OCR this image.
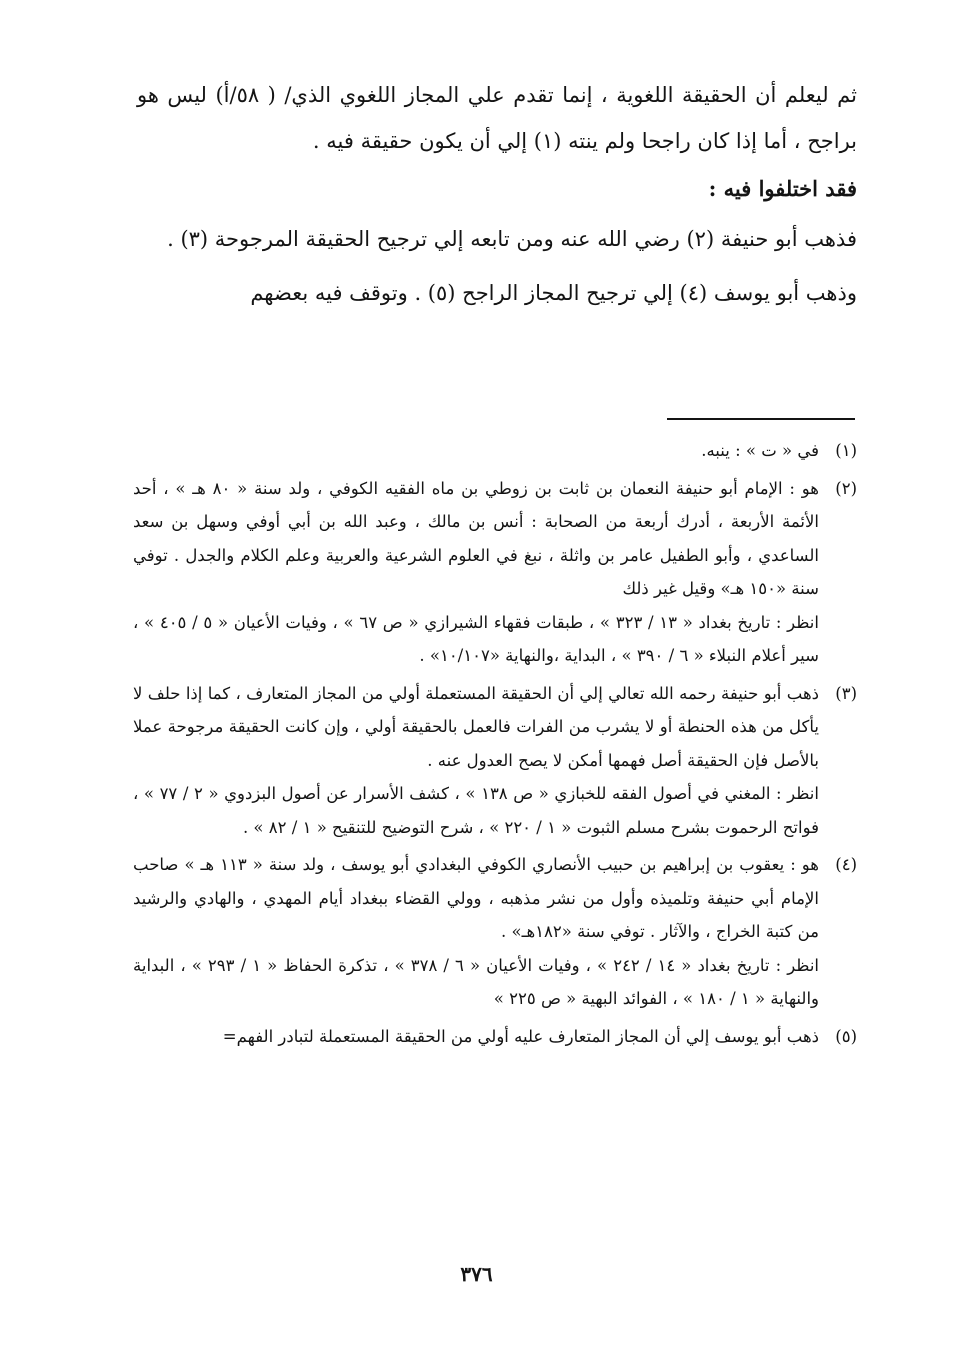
ثم ليعلم أن الحقيقة اللغوية ، إنما تقدم علي المجاز اللغوي الذي/ ( ٥٨/أ) ليس هو براجح ، أما إذا كان راجحا ولم ينته (١) إلي أن يكون حقيقة فيه .

فقد اختلفوا فيه :

فذهب أبو حنيفة (٢) رضي الله عنه ومن تابعه إلي ترجيح الحقيقة المرجوحة (٣) .

وذهب أبو يوسف (٤) إلي ترجيح المجاز الراجح (٥) . وتوقف فيه بعضهم

(١)

في « ت » : ينبه.

(٢)

هو : الإمام أبو حنيفة النعمان بن ثابت بن زوطي بن ماه الفقيه الكوفي ، ولد سنة « ٨٠ هـ » ، أحد الأئمة الأربعة ، أدرك أربعة من الصحابة : أنس بن مالك ، وعبد الله بن أبي أوفي وسهل بن سعد الساعدي ، وأبو الطفيل عامر بن واثلة ، نبغ في العلوم الشرعية والعربية وعلم الكلام والجدل . توفي سنة «١٥٠ هـ» وقيل غير ذلك

انظر : تاريخ بغداد « ١٣ / ٣٢٣ » ، طبقات فقهاء الشيرازي « ص ٦٧ » ، وفيات الأعيان « ٥ / ٤٠٥ » ، سير أعلام النبلاء « ٦ / ٣٩٠ » ، البداية ،والنهاية «١٠/١٠٧» .

(٣)

ذهب أبو حنيفة رحمه الله تعالي إلي أن الحقيقة المستعملة أولي من المجاز المتعارف ، كما إذا حلف لا يأكل من هذه الحنطة أو لا يشرب من الفرات فالعمل بالحقيقة أولي ، وإن كانت الحقيقة مرجوحة عملا بالأصل فإن الحقيقة أصل فهمها أمكن لا يصح العدول عنه .

انظر : المغني في أصول الفقه للخبازي « ص ١٣٨ » ، كشف الأسرار عن أصول البزدوي « ٢ / ٧٧ » ، فواتح الرحموت بشرح مسلم الثبوت « ١ / ٢٢٠ » ، شرح التوضيح للتنقيح « ١ / ٨٢ » .

(٤)

هو : يعقوب بن إبراهيم بن حبيب الأنصاري الكوفي البغدادي أبو يوسف ، ولد سنة « ١١٣ هـ » صاحب الإمام أبي حنيفة وتلميذه وأول من نشر مذهبه ، وولي القضاء ببغداد أيام المهدي ، والهادي والرشيد من كتبة الخراج ، والآثار . توفي سنة «١٨٢هـ» .

انظر : تاريخ بغداد « ١٤ / ٢٤٢ » ، وفيات الأعيان « ٦ / ٣٧٨ » ، تذكرة الحفاظ « ١ / ٢٩٣ » ، البداية والنهاية « ١ / ١٨٠ » ، الفوائد البهية « ص ٢٢٥ »

(٥)

ذهب أبو يوسف إلي أن المجاز المتعارف عليه أولي من الحقيقة المستعملة لتبادر الفهم=

٣٧٦
